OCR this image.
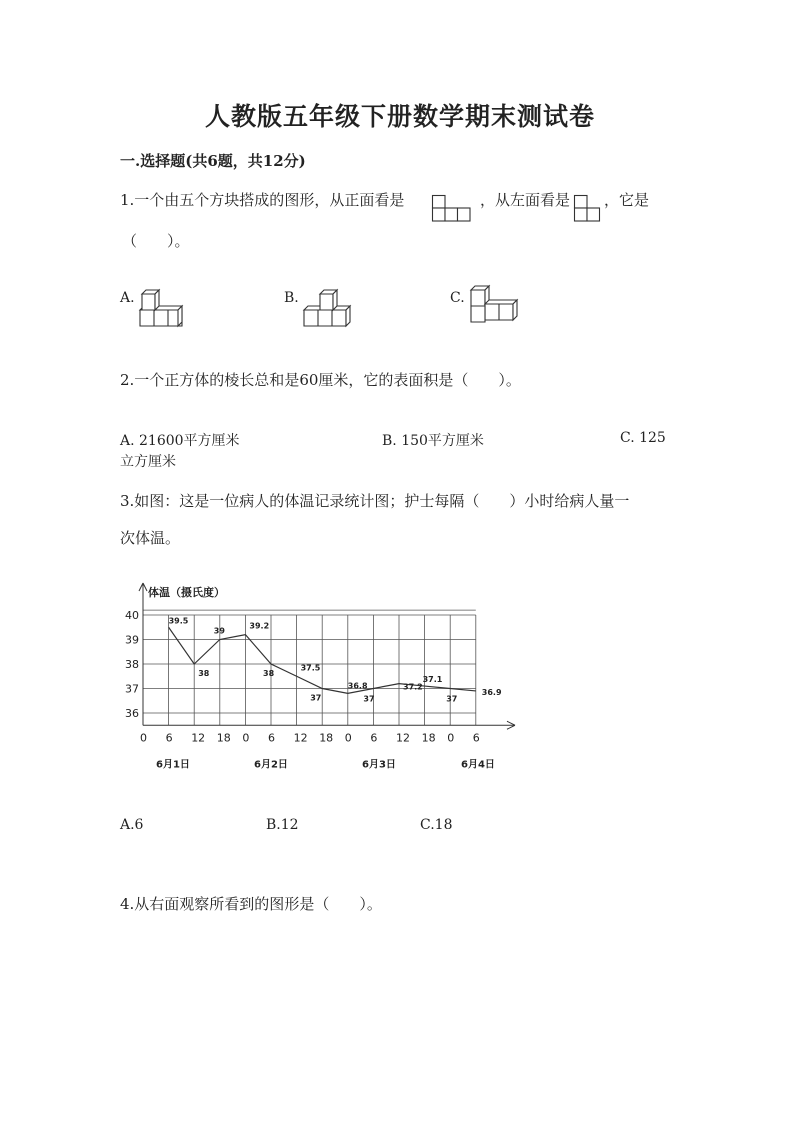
人教版五年级下册数学期末测试卷
一.选择题(共6题，共12分)
1.一个由五个方块搭成的图形，从正面看是	，从左面看是 ，它是
（　　）。
A.	B.	C.
2.一个正方体的棱长总和是60厘米，它的表面积是（　　）。
A. 21600平方厘米	B. 150平方厘米	C. 125
立方厘米
3.如图：这是一位病人的体温记录统计图；护士每隔（　　）小时给病人量一
次体温。
体温（摄氏度）
40
39
38
37
36
0 6 12 18 0 6 12 18 0 6 12 18 0 6
6月1日	6月2日	6月3日	6月4日
39.5
38
39
39.2
38
37.5
37
36.8
37
37.2
37.1
37
36.9
A.6	B.12	C.18
4.从右面观察所看到的图形是（　　）。
